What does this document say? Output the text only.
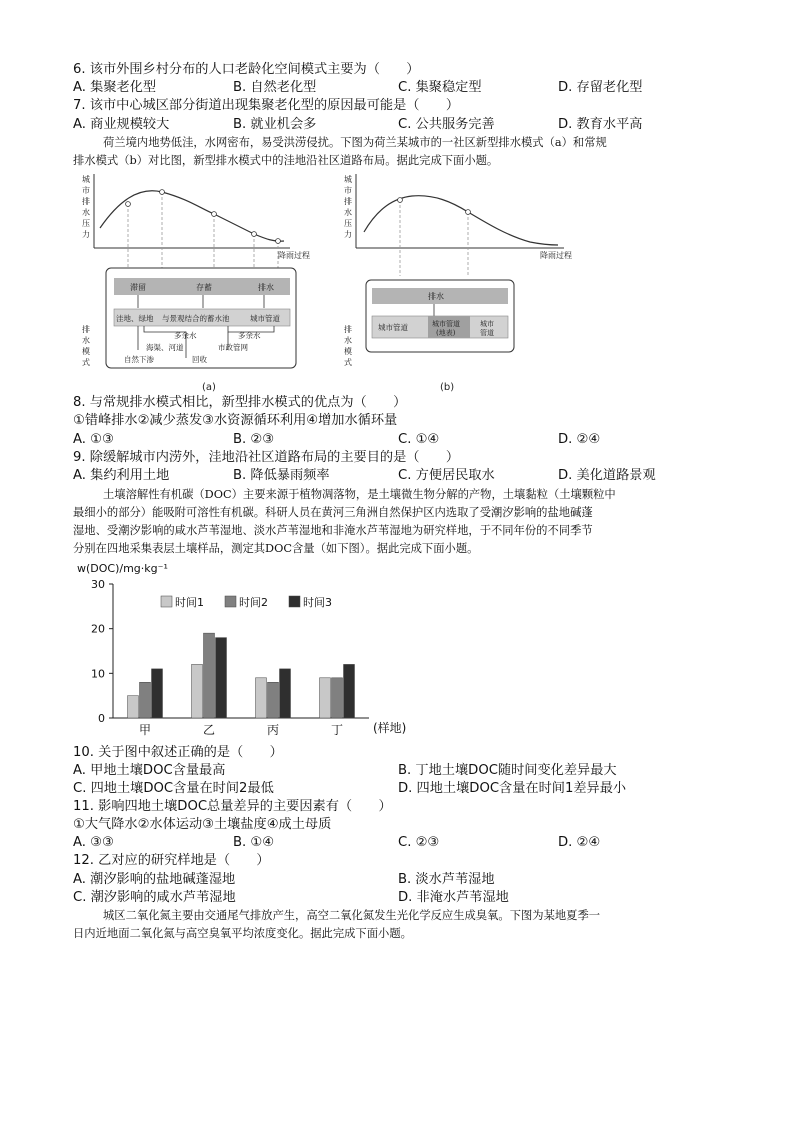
6. 该市外围乡村分布的人口老龄化空间模式主要为（　　）
A. 集聚老化型	B. 自然老化型	C. 集聚稳定型	D. 存留老化型
7. 该市中心城区部分街道出现集聚老化型的原因最可能是（　　）
A. 商业规模较大	B. 就业机会多	C. 公共服务完善	D. 教育水平高
荷兰境内地势低洼，水网密布，易受洪涝侵扰。下图为荷兰某城市的一社区新型排水模式（a）和常规
排水模式（b）对比图，新型排水模式中的洼地沿社区道路布局。据此完成下面小题。
城
市
排
水
压
力
排
水
模
式
降雨过程
滞留	存蓄	排水
洼地、绿地 与景观结合的蓄水池	城市管道
多余水	多余水
海渠、河道	市政管网
自然下渗	回收
(a)
城
市
排
水
压
力
排
水
模
式
降雨过程
排水
城市管道	城市管道
(地表)
城市
管道
(b)
8. 与常规排水模式相比，新型排水模式的优点为（　　）
①错峰排水②减少蒸发③水资源循环利用④增加水循环量
A. ①③	B. ②③	C. ①④	D. ②④
9. 除缓解城市内涝外，洼地沿社区道路布局的主要目的是（　　）
A. 集约利用土地	B. 降低暴雨频率	C. 方便居民取水	D. 美化道路景观
土壤溶解性有机碳（DOC）主要来源于植物凋落物，是土壤微生物分解的产物，土壤黏粒（土壤颗粒中
最细小的部分）能吸附可溶性有机碳。科研人员在黄河三角洲自然保护区内选取了受潮汐影响的盐地碱蓬
湿地、受潮汐影响的咸水芦苇湿地、淡水芦苇湿地和非淹水芦苇湿地为研究样地，于不同年份的不同季节
分别在四地采集表层土壤样品，测定其DOC含量（如下图）。据此完成下面小题。
w(DOC)/mg·kg⁻¹
0
10
20
30
甲	乙	丙	丁
时间1	时间2	时间3
(样地)
10. 关于图中叙述正确的是（　　）
A. 甲地土壤DOC含量最高	B. 丁地土壤DOC随时间变化差异最大
C. 四地土壤DOC含量在时间2最低	D. 四地土壤DOC含量在时间1差异最小
11. 影响四地土壤DOC总量差异的主要因素有（　　）
①大气降水②水体运动③土壤盐度④成土母质
A. ③③	B. ①④	C. ②③	D. ②④
12. 乙对应的研究样地是（　　）
A. 潮汐影响的盐地碱蓬湿地	B. 淡水芦苇湿地
C. 潮汐影响的咸水芦苇湿地	D. 非淹水芦苇湿地
城区二氧化氮主要由交通尾气排放产生，高空二氧化氮发生光化学反应生成臭氧。下图为某地夏季一
日内近地面二氧化氮与高空臭氧平均浓度变化。据此完成下面小题。
